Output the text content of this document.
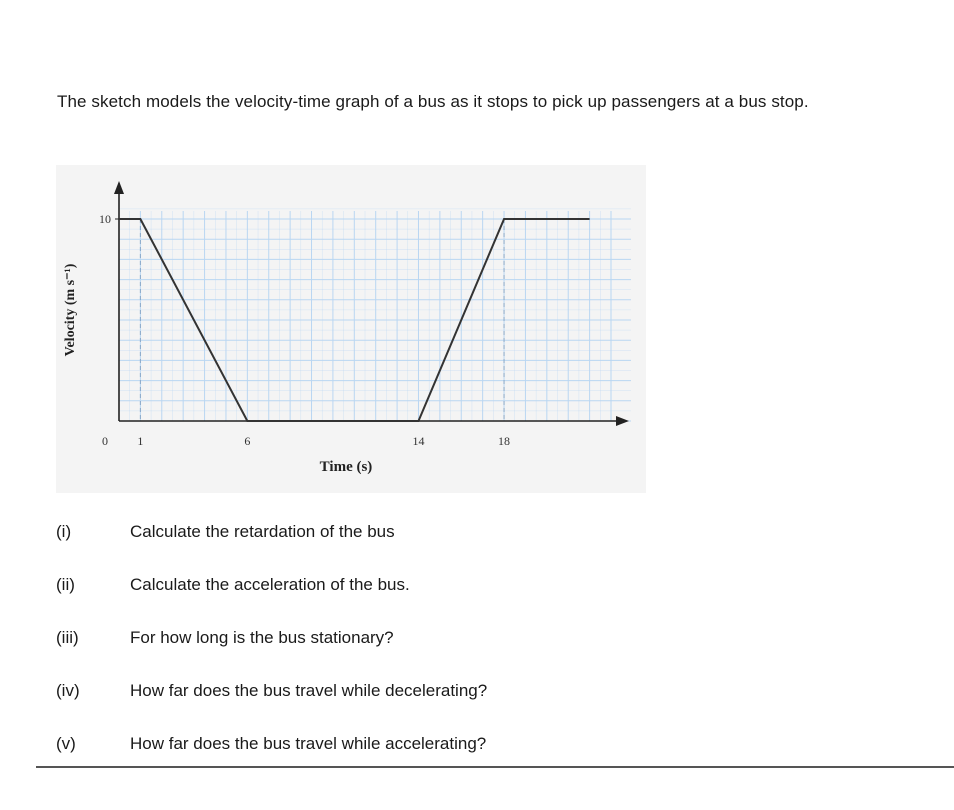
The sketch models the velocity-time graph of a bus as it stops to pick up passengers at a bus stop.
0 1	6	14	18
10
Time (s)
Velocity (m s⁻¹)
(i)	Calculate the retardation of the bus
(ii)	Calculate the acceleration of the bus.
(iii)	For how long is the bus stationary?
(iv)	How far does the bus travel while decelerating?
(v)	How far does the bus travel while accelerating?
